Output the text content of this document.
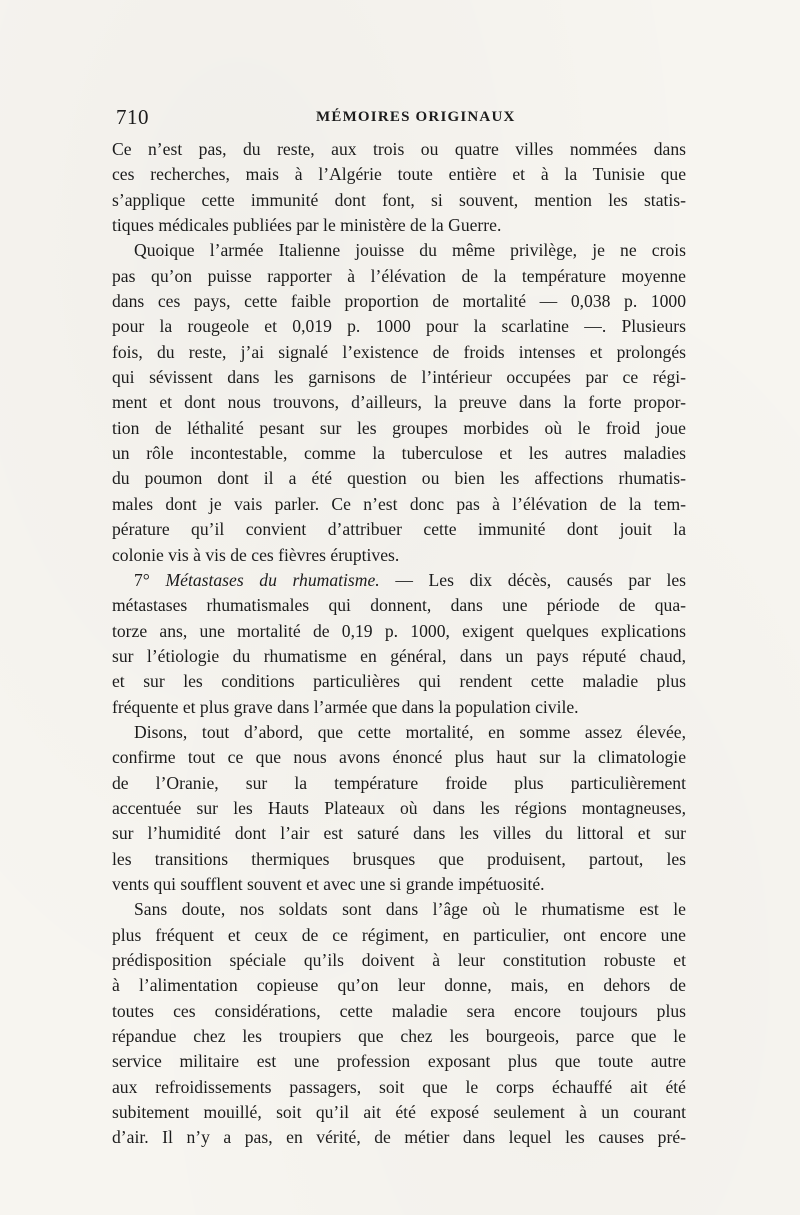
710	MÉMOIRES ORIGINAUX
Ce n’est pas, du reste, aux trois ou quatre villes nommées dans
ces recherches, mais à l’Algérie toute entière et à la Tunisie que
s’applique cette immunité dont font, si souvent, mention les statis-
tiques médicales publiées par le ministère de la Guerre.
Quoique l’armée Italienne jouisse du même privilège, je ne crois
pas qu’on puisse rapporter à l’élévation de la température moyenne
dans ces pays, cette faible proportion de mortalité — 0,038 p. 1000
pour la rougeole et 0,019 p. 1000 pour la scarlatine —. Plusieurs
fois, du reste, j’ai signalé l’existence de froids intenses et prolongés
qui sévissent dans les garnisons de l’intérieur occupées par ce régi-
ment et dont nous trouvons, d’ailleurs, la preuve dans la forte propor-
tion de léthalité pesant sur les groupes morbides où le froid joue
un rôle incontestable, comme la tuberculose et les autres maladies
du poumon dont il a été question ou bien les affections rhumatis-
males dont je vais parler. Ce n’est donc pas à l’élévation de la tem-
pérature qu’il convient d’attribuer cette immunité dont jouit la
colonie vis à vis de ces fièvres éruptives.
7° Métastases du rhumatisme. — Les dix décès, causés par les
métastases rhumatismales qui donnent, dans une période de qua-
torze ans, une mortalité de 0,19 p. 1000, exigent quelques explications
sur l’étiologie du rhumatisme en général, dans un pays réputé chaud,
et sur les conditions particulières qui rendent cette maladie plus
fréquente et plus grave dans l’armée que dans la population civile.
Disons, tout d’abord, que cette mortalité, en somme assez élevée,
confirme tout ce que nous avons énoncé plus haut sur la climatologie
de l’Oranie, sur la température froide plus particulièrement
accentuée sur les Hauts Plateaux où dans les régions montagneuses,
sur l’humidité dont l’air est saturé dans les villes du littoral et sur
les transitions thermiques brusques que produisent, partout, les
vents qui soufflent souvent et avec une si grande impétuosité.
Sans doute, nos soldats sont dans l’âge où le rhumatisme est le
plus fréquent et ceux de ce régiment, en particulier, ont encore une
prédisposition spéciale qu’ils doivent à leur constitution robuste et
à l’alimentation copieuse qu’on leur donne, mais, en dehors de
toutes ces considérations, cette maladie sera encore toujours plus
répandue chez les troupiers que chez les bourgeois, parce que le
service militaire est une profession exposant plus que toute autre
aux refroidissements passagers, soit que le corps échauffé ait été
subitement mouillé, soit qu’il ait été exposé seulement à un courant
d’air. Il n’y a pas, en vérité, de métier dans lequel les causes pré-
